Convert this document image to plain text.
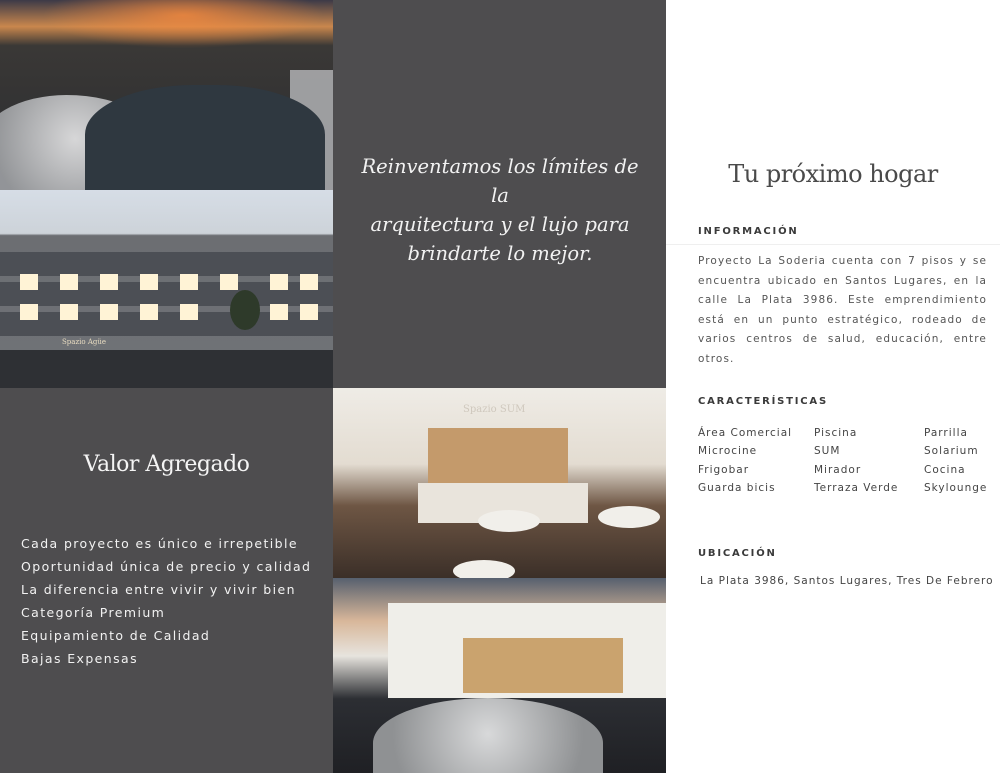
Spazio Agüe
Spazio SUM
Reinventamos los límites de la
arquitectura y el lujo para
brindarte lo mejor.
Valor Agregado
Cada proyecto es único e irrepetible
Oportunidad única de precio y calidad
La diferencia entre vivir y vivir bien
Categoría Premium
Equipamiento de Calidad
Bajas Expensas
Tu próximo hogar
INFORMACIÓN

Proyecto La Soderia cuenta con 7 pisos y se encuentra ubicado en Santos Lugares, en la calle La Plata 3986. Este emprendimiento está en un punto estratégico, rodeado de varios centros de salud, educación, entre otros.

CARACTERÍSTICAS
Área Comercial	Piscina	Parrilla
Microcine	SUM	Solarium
Frigobar	Mirador	Cocina
Guarda bicis	Terraza Verde	Skylounge
UBICACIÓN
La Plata 3986, Santos Lugares, Tres De Febrero
